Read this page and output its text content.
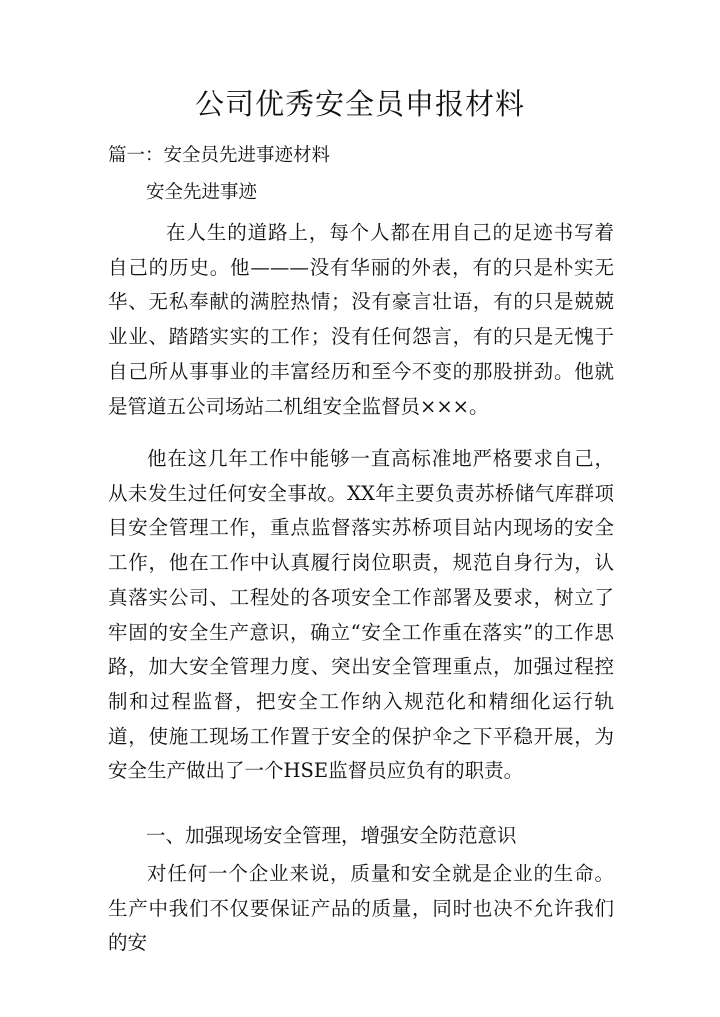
公司优秀安全员申报材料

篇一：安全员先进事迹材料

安全先进事迹

在人生的道路上，每个人都在用自己的足迹书写着自己的历史。他———没有华丽的外表，有的只是朴实无华、无私奉献的满腔热情；没有豪言壮语，有的只是兢兢业业、踏踏实实的工作；没有任何怨言，有的只是无愧于自己所从事事业的丰富经历和至今不变的那股拼劲。他就是管道五公司场站二机组安全监督员×××。

他在这几年工作中能够一直高标准地严格要求自己，从未发生过任何安全事故。XX年主要负责苏桥储气库群项目安全管理工作，重点监督落实苏桥项目站内现场的安全工作，他在工作中认真履行岗位职责，规范自身行为，认真落实公司、工程处的各项安全工作部署及要求，树立了牢固的安全生产意识，确立“安全工作重在落实”的工作思路，加大安全管理力度、突出安全管理重点，加强过程控制和过程监督，把安全工作纳入规范化和精细化运行轨道，使施工现场工作置于安全的保护伞之下平稳开展，为安全生产做出了一个HSE监督员应负有的职责。

一、加强现场安全管理，增强安全防范意识

对任何一个企业来说，质量和安全就是企业的生命。生产中我们不仅要保证产品的质量，同时也决不允许我们的安
